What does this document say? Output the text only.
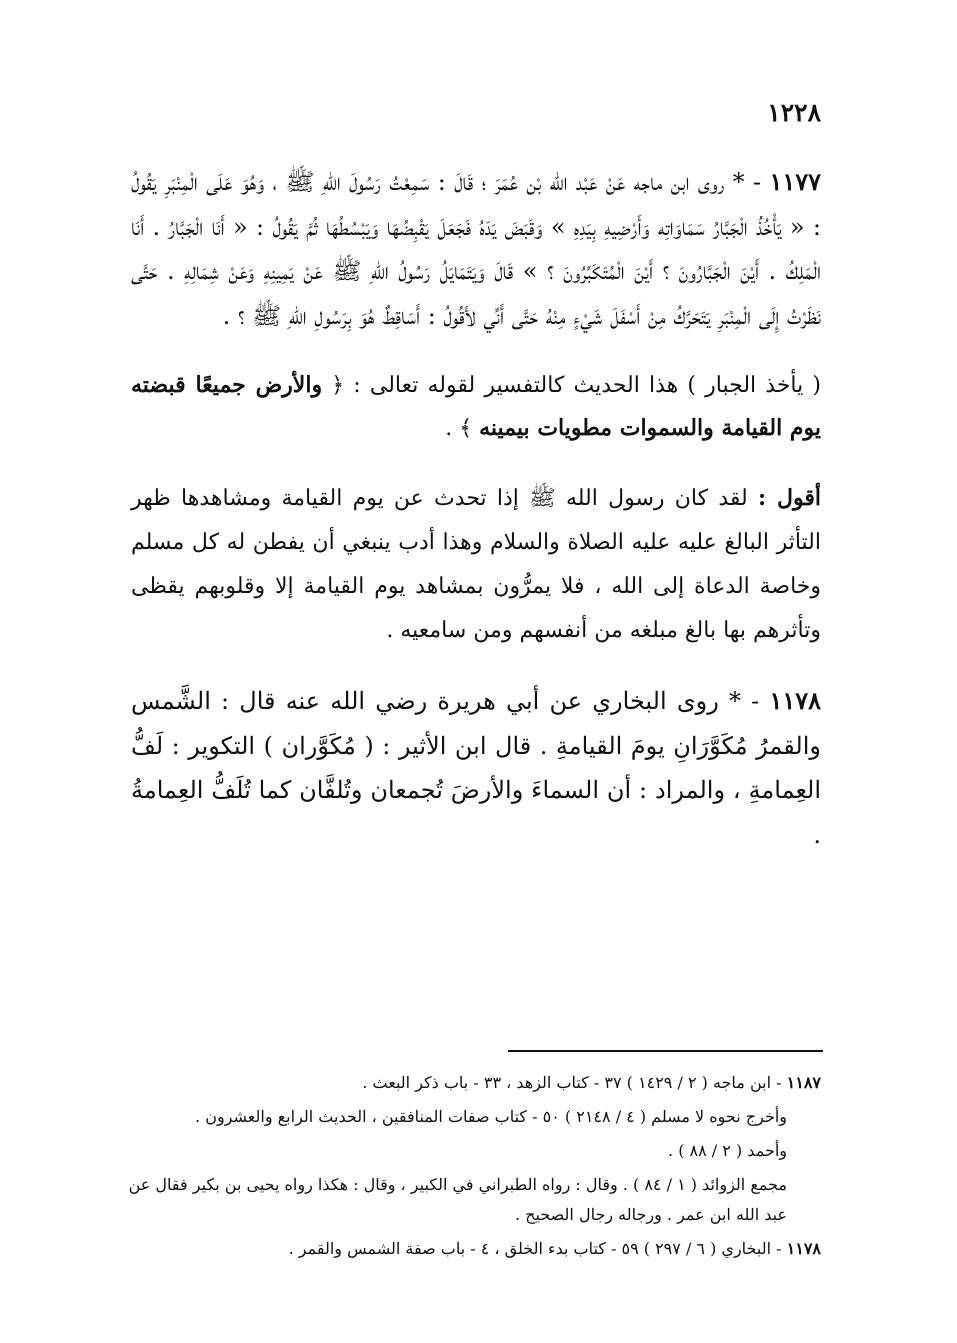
١٢٢٨

١١٧٧ - * روى ابن ماجه عَنْ عَبْد الله بْن عُمَرَ ؛ قَالَ : سَمِعْتُ رَسُولَ اللهِ ﷺ ، وَهُوَ عَلَى الْمِنْبَرِ يَقُولُ : « يَأْخُذُ الْجَبَّارُ سَمَاوَاتِه وَأَرْضِيهِ بِيَدِهِ » وَقَبَضَ يَدَهُ فَجَعَلَ يَقْبِضُهَا وَيَبْسُطُهَا ثُمَّ يَقُولُ : « أَنَا الْجَبَّارُ . أَنَا الْمَلِكُ . أَيْنَ الْجَبَّارُونَ ؟ أَيْنَ الْمُتَكَبِّرُونَ ؟ » قَالَ وَيَتَمَايَلُ رَسُولُ اللهِ ﷺ عَنْ يَمِينِهِ وَعَنْ شِمَالِهِ . حَتَّى نَظَرْتُ إِلَى الْمِنْبَرِ يَتَحَرَّكُ مِنْ أَسْفَلَ شَيْءٍ مِنْهُ حَتَّى أَنِّي لأَقُولُ : أَسَاقِطٌ هُوَ بِرَسُولِ اللهِ ﷺ ؟ .

( يأخذ الجبار ) هذا الحديث كالتفسير لقوله تعالى : ﴿ والأرض جميعًا قبضته يوم القيامة والسموات مطويات بيمينه ﴾ .

أقول : لقد كان رسول الله ﷺ إذا تحدث عن يوم القيامة ومشاهدها ظهر التأثر البالغ عليه عليه الصلاة والسلام وهذا أدب ينبغي أن يفطن له كل مسلم وخاصة الدعاة إلى الله ، فلا يمرُّون بمشاهد يوم القيامة إلا وقلوبهم يقظى وتأثرهم بها بالغ مبلغه من أنفسهم ومن سامعيه .

١١٧٨ - * روى البخاري عن أبي هريرة رضي الله عنه قال : الشَّمس والقمرُ مُكَوَّرَانِ يومَ القيامةِ . قال ابن الأثير : ( مُكَوَّران ) التكوير : لَفُّ العِمامةِ ، والمراد : أن السماءَ والأرضَ تُجمعان وتُلفَّان كما تُلَفُّ العِمامةُ .

١١٨٧ - ابن ماجه ( ٢ / ١٤٢٩ ) ٣٧ - كتاب الزهد ، ٣٣ - باب ذكر البعث .

وأخرج نحوه لا مسلم ( ٤ / ٢١٤٨ ) ٥٠ - كتاب صفات المنافقين ، الحديث الرابع والعشرون .

وأحمد ( ٢ / ٨٨ ) .

مجمع الزوائد ( ١ / ٨٤ ) . وقال : رواه الطبراني في الكبير ، وقال : هكذا رواه يحيى بن بكير فقال عن عبد الله ابن عمر . ورجاله رجال الصحيح .

١١٧٨ - البخاري ( ٦ / ٢٩٧ ) ٥٩ - كتاب بدء الخلق ، ٤ - باب صفة الشمس والقمر .
